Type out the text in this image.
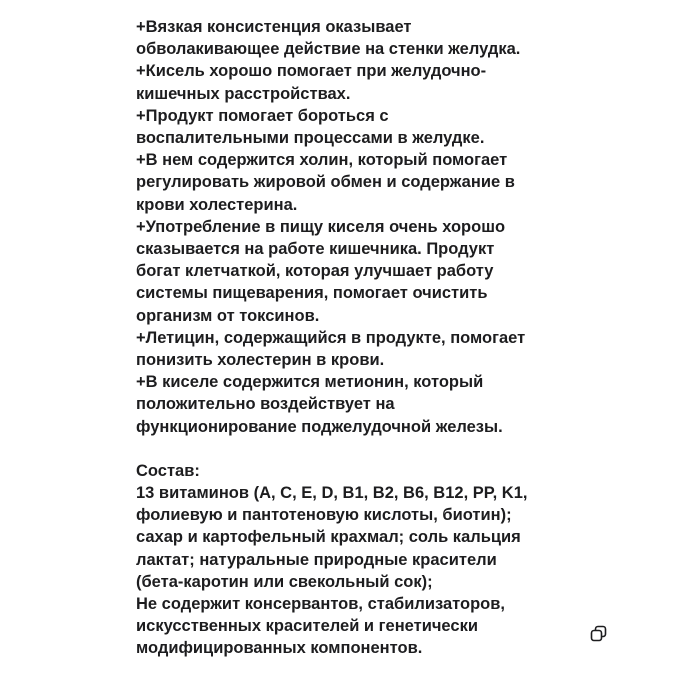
+Вязкая консистенция оказывает
обволакивающее действие на стенки желудка.
+Кисель хорошо помогает при желудочно-
кишечных расстройствах.
+Продукт помогает бороться с
воспалительными процессами в желудке.
+В нем содержится холин, который помогает
регулировать жировой обмен и содержание в
крови холестерина.
+Употребление в пищу киселя очень хорошо
сказывается на работе кишечника. Продукт
богат клетчаткой, которая улучшает работу
системы пищеварения, помогает очистить
организм от токсинов.
+Летицин, содержащийся в продукте, помогает
понизить холестерин в крови.
+В киселе содержится метионин, который
положительно воздействует на
функционирование поджелудочной железы.
Состав:
13 витаминов (A, C, E, D, B1, B2, B6, B12, PP, K1,
фолиевую и пантотеновую кислоты, биотин);
сахар и картофельный крахмал; соль кальция
лактат; натуральные природные красители
(бета-каротин или свекольный сок);
Не содержит консервантов, стабилизаторов,
искусственных красителей и генетически
модифицированных компонентов.
